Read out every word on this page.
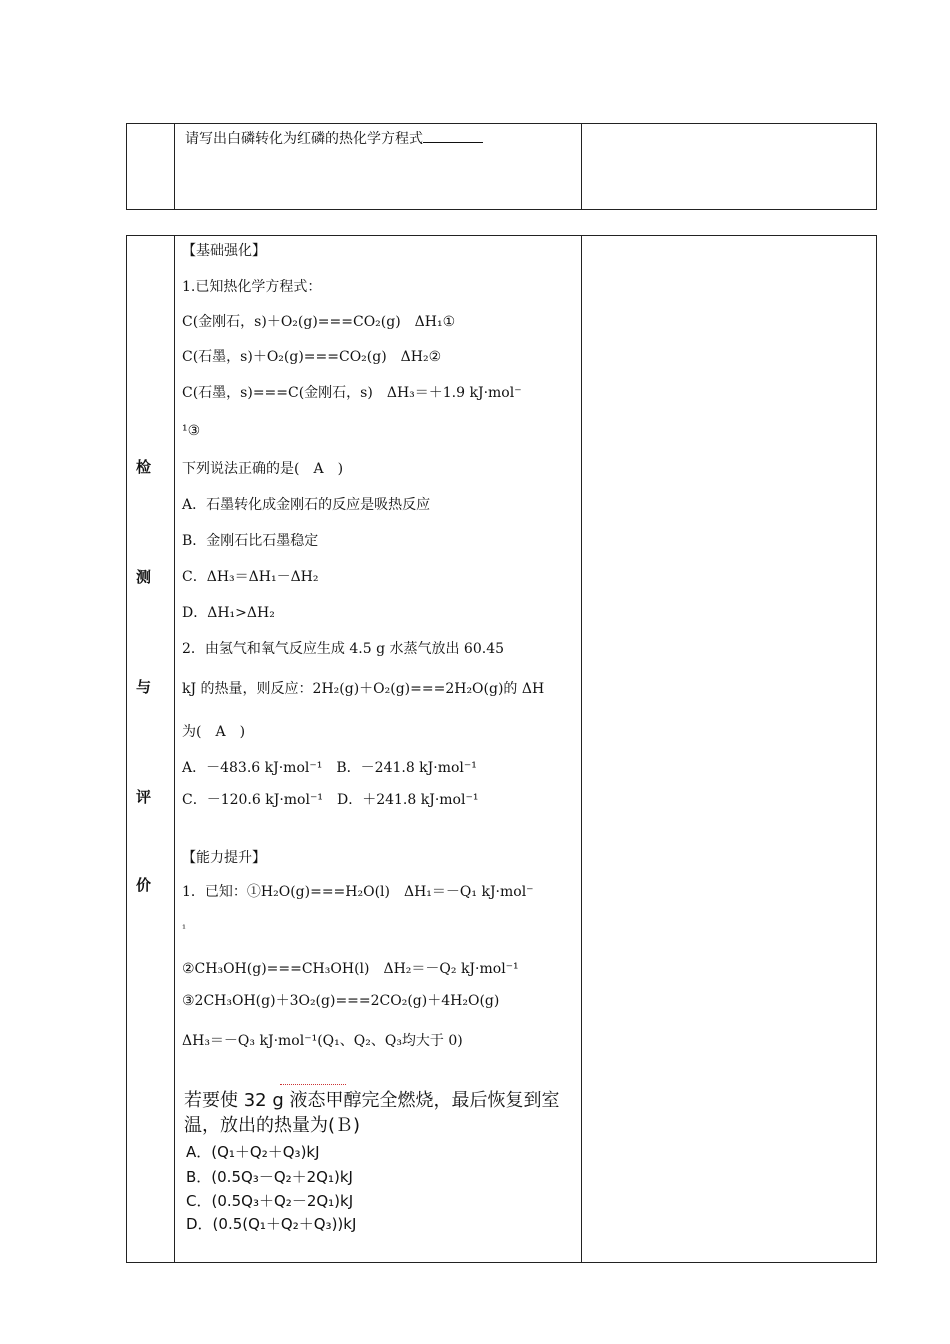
请写出白磷转化为红磷的热化学方程式
检
测
与
评
价
【基础强化】
1.已知热化学方程式：
C(金刚石，s)＋O₂(g)===CO₂(g)　ΔH₁①
C(石墨，s)＋O₂(g)===CO₂(g)　ΔH₂②
C(石墨，s)===C(金刚石，s)　ΔH₃＝＋1.9 kJ·mol⁻
¹③
下列说法正确的是(　A　)
A．石墨转化成金刚石的反应是吸热反应
B．金刚石比石墨稳定
C．ΔH₃＝ΔH₁－ΔH₂
D．ΔH₁>ΔH₂
2．由氢气和氧气反应生成 4.5 g 水蒸气放出 60.45
kJ 的热量，则反应：2H₂(g)＋O₂(g)===2H₂O(g)的 ΔH
为(　A　)
A．－483.6 kJ·mol⁻¹　B．－241.8 kJ·mol⁻¹
C．－120.6 kJ·mol⁻¹　D．＋241.8 kJ·mol⁻¹
【能力提升】
1．已知：①H₂O(g)===H₂O(l)　ΔH₁＝－Q₁ kJ·mol⁻
¹
②CH₃OH(g)===CH₃OH(l)　ΔH₂＝－Q₂ kJ·mol⁻¹
③2CH₃OH(g)＋3O₂(g)===2CO₂(g)＋4H₂O(g)
ΔH₃＝－Q₃ kJ·mol⁻¹(Q₁、Q₂、Q₃均大于 0)
若要使 32 g 液态甲醇完全燃烧，最后恢复到室
温，放出的热量为(Ｂ)
A．(Q₁＋Q₂＋Q₃)kJ
B．(0.5Q₃－Q₂＋2Q₁)kJ
C．(0.5Q₃＋Q₂－2Q₁)kJ
D．(0.5(Q₁＋Q₂＋Q₃))kJ
